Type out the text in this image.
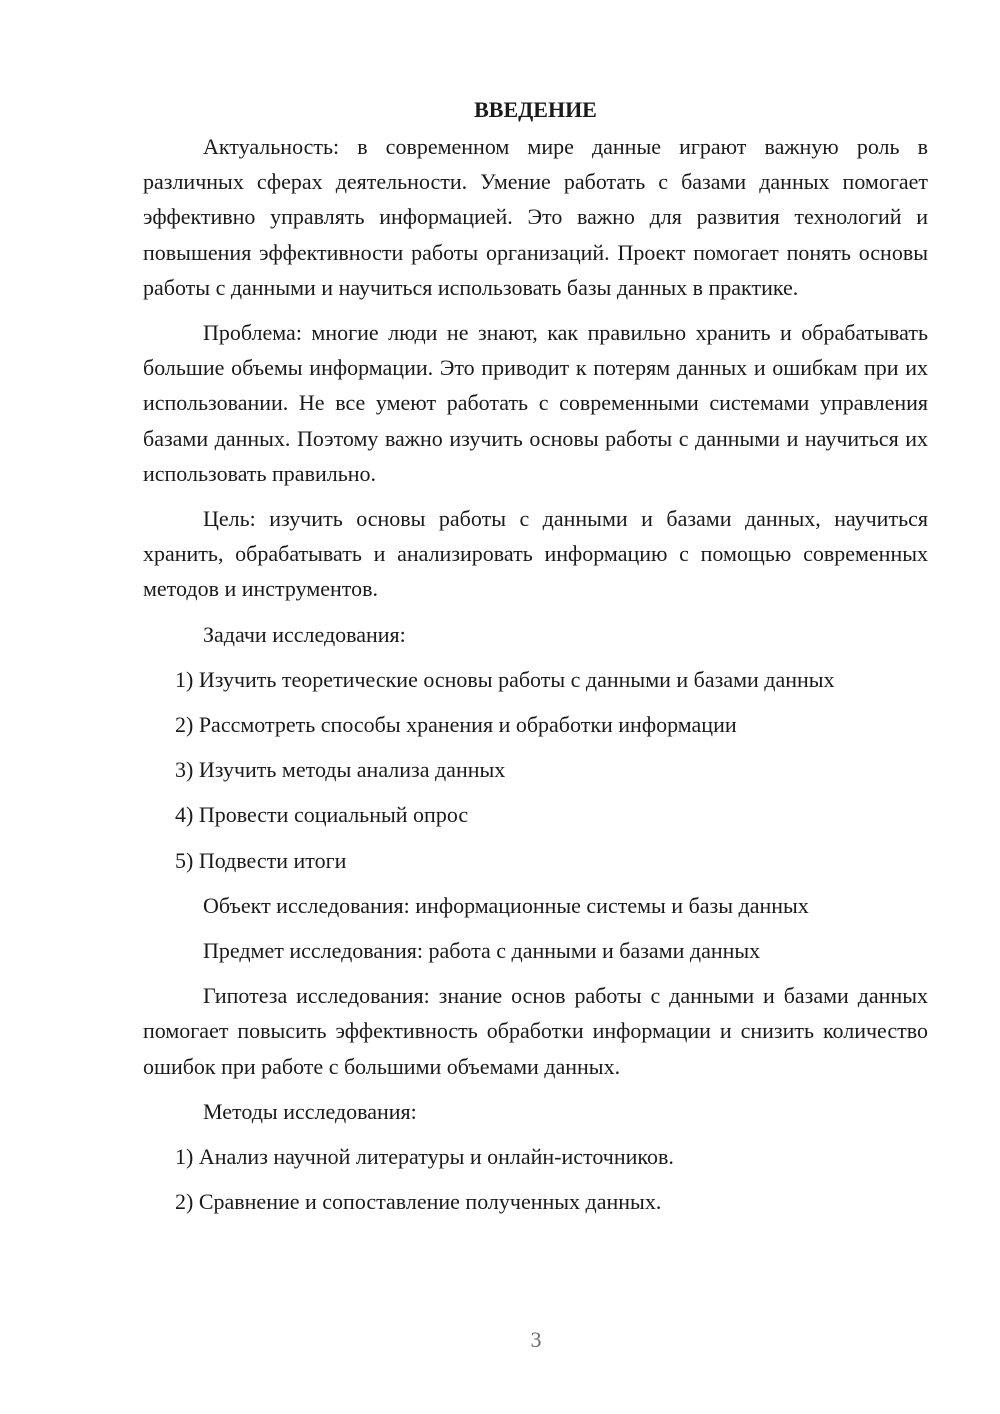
ВВЕДЕНИЕ

Актуальность: в современном мире данные играют важную роль в различных сферах деятельности. Умение работать с базами данных помогает эффективно управлять информацией. Это важно для развития технологий и повышения эффективности работы организаций. Проект помогает понять основы работы с данными и научиться использовать базы данных в практике.

Проблема: многие люди не знают, как правильно хранить и обрабатывать большие объемы информации. Это приводит к потерям данных и ошибкам при их использовании. Не все умеют работать с современными системами управления базами данных. Поэтому важно изучить основы работы с данными и научиться их использовать правильно.

Цель: изучить основы работы с данными и базами данных, научиться хранить, обрабатывать и анализировать информацию с помощью современных методов и инструментов.

Задачи исследования:
1) Изучить теоретические основы работы с данными и базами данных
2) Рассмотреть способы хранения и обработки информации
3) Изучить методы анализа данных
4) Провести социальный опрос
5) Подвести итоги
Объект исследования: информационные системы и базы данных
Предмет исследования: работа с данными и базами данных

Гипотеза исследования: знание основ работы с данными и базами данных помогает повысить эффективность обработки информации и снизить количество ошибок при работе с большими объемами данных.

Методы исследования:
1) Анализ научной литературы и онлайн-источников.
2) Сравнение и сопоставление полученных данных.
3
